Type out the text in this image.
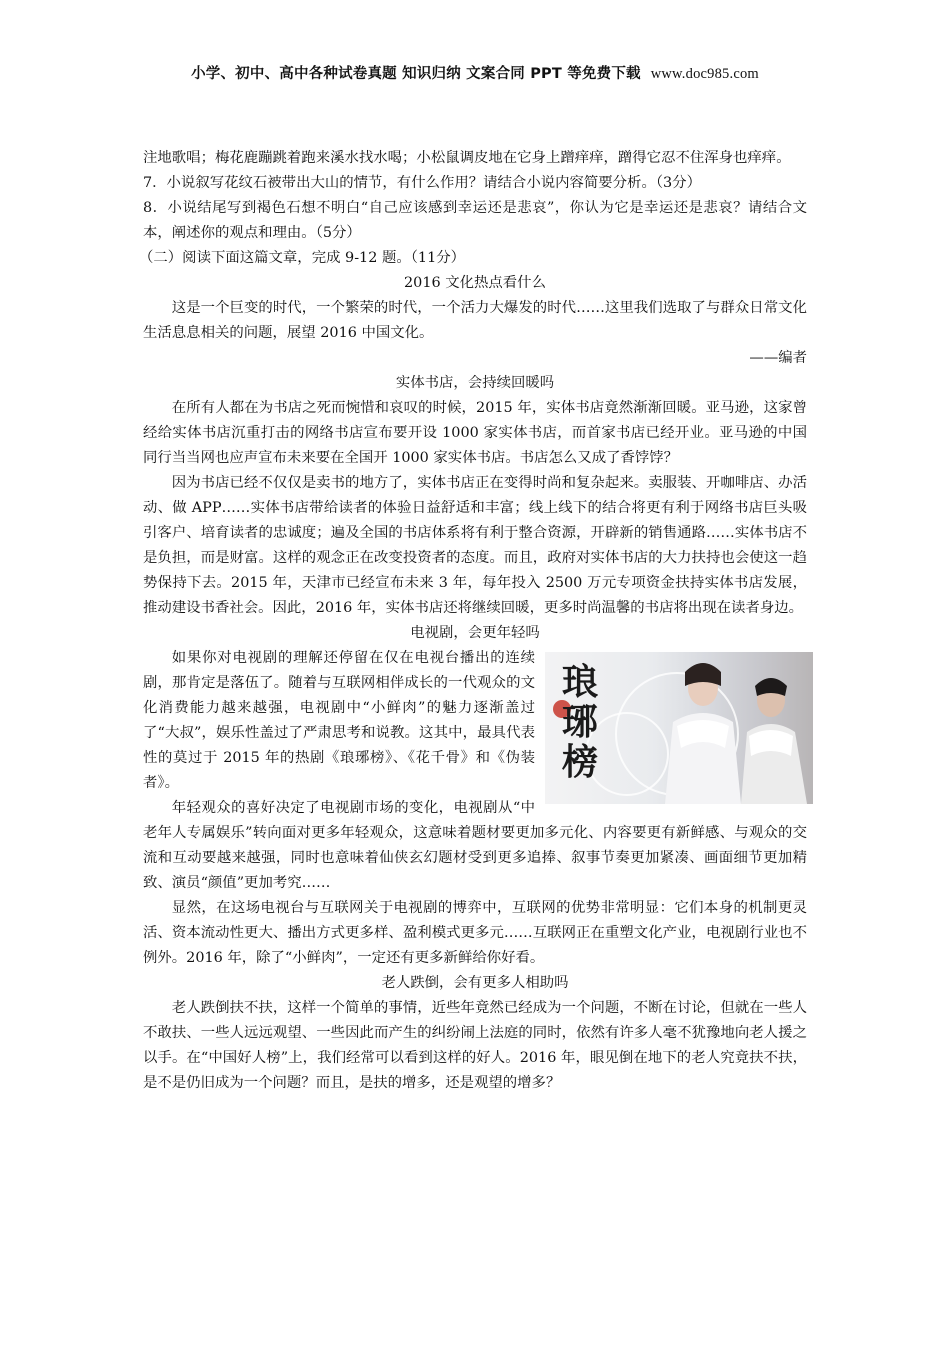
小学、初中、高中各种试卷真题 知识归纳 文案合同 PPT 等免费下载 www.doc985.com

注地歌唱；梅花鹿蹦跳着跑来溪水找水喝；小松鼠调皮地在它身上蹭痒痒，蹭得它忍不住浑身也痒痒。

7．小说叙写花纹石被带出大山的情节，有什么作用？请结合小说内容简要分析。（3分）

8．小说结尾写到褐色石想不明白“自己应该感到幸运还是悲哀”，你认为它是幸运还是悲哀？请结合文本，阐述你的观点和理由。（5分）

（二）阅读下面这篇文章，完成 9-12 题。（11分）

2016 文化热点看什么

这是一个巨变的时代，一个繁荣的时代，一个活力大爆发的时代……这里我们选取了与群众日常文化生活息息相关的问题，展望 2016 中国文化。

——编者

实体书店，会持续回暖吗

在所有人都在为书店之死而惋惜和哀叹的时候，2015 年，实体书店竟然渐渐回暖。亚马逊，这家曾经给实体书店沉重打击的网络书店宣布要开设 1000 家实体书店，而首家书店已经开业。亚马逊的中国同行当当网也应声宣布未来要在全国开 1000 家实体书店。书店怎么又成了香饽饽？

因为书店已经不仅仅是卖书的地方了，实体书店正在变得时尚和复杂起来。卖服装、开咖啡店、办活动、做 APP……实体书店带给读者的体验日益舒适和丰富；线上线下的结合将更有利于网络书店巨头吸引客户、培育读者的忠诚度；遍及全国的书店体系将有利于整合资源，开辟新的销售通路……实体书店不是负担，而是财富。这样的观念正在改变投资者的态度。而且，政府对实体书店的大力扶持也会使这一趋势保持下去。2015 年，天津市已经宣布未来 3 年，每年投入 2500 万元专项资金扶持实体书店发展，推动建设书香社会。因此，2016 年，实体书店还将继续回暖，更多时尚温馨的书店将出现在读者身边。

电视剧，会更年轻吗

琅琊榜

如果你对电视剧的理解还停留在仅在电视台播出的连续剧，那肯定是落伍了。随着与互联网相伴成长的一代观众的文化消费能力越来越强，电视剧中“小鲜肉”的魅力逐渐盖过了“大叔”，娱乐性盖过了严肃思考和说教。这其中，最具代表性的莫过于 2015 年的热剧《琅琊榜》、《花千骨》和《伪装者》。

年轻观众的喜好决定了电视剧市场的变化，电视剧从“中老年人专属娱乐”转向面对更多年轻观众，这意味着题材要更加多元化、内容要更有新鲜感、与观众的交流和互动要越来越强，同时也意味着仙侠玄幻题材受到更多追捧、叙事节奏更加紧凑、画面细节更加精致、演员“颜值”更加考究……

显然，在这场电视台与互联网关于电视剧的博弈中，互联网的优势非常明显：它们本身的机制更灵活、资本流动性更大、播出方式更多样、盈利模式更多元……互联网正在重塑文化产业，电视剧行业也不例外。2016 年，除了“小鲜肉”，一定还有更多新鲜给你好看。

老人跌倒，会有更多人相助吗

老人跌倒扶不扶，这样一个简单的事情，近些年竟然已经成为一个问题，不断在讨论，但就在一些人不敢扶、一些人远远观望、一些因此而产生的纠纷闹上法庭的同时，依然有许多人毫不犹豫地向老人援之以手。在“中国好人榜”上，我们经常可以看到这样的好人。2016 年，眼见倒在地下的老人究竟扶不扶，是不是仍旧成为一个问题？而且，是扶的增多，还是观望的增多？
